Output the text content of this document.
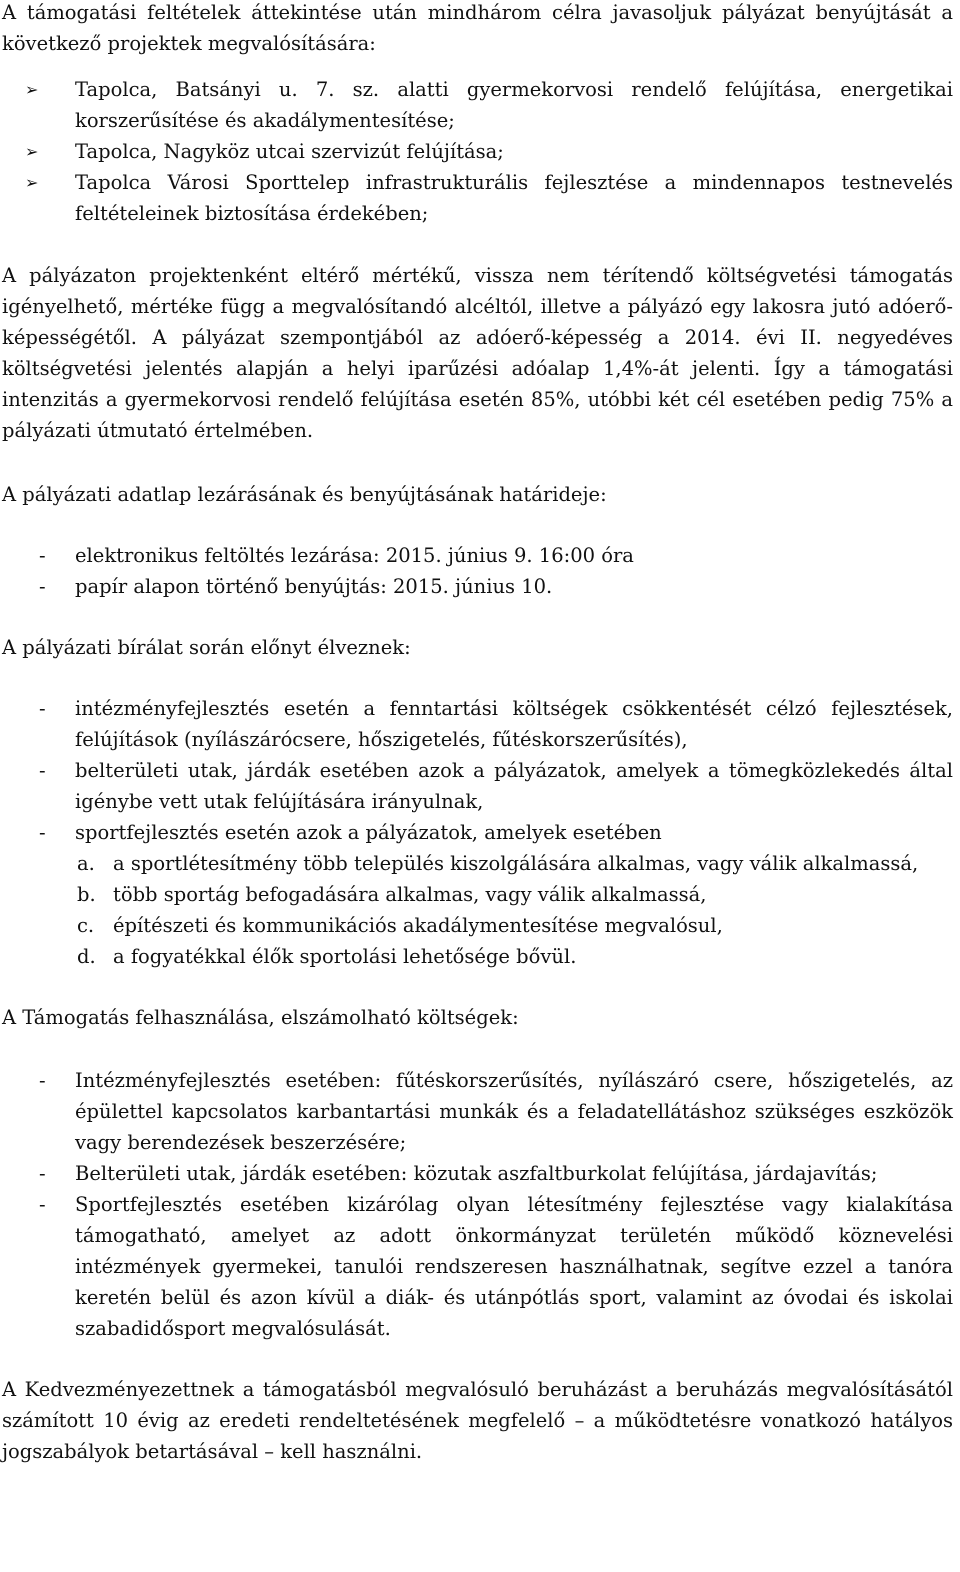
A támogatási feltételek áttekintése után mindhárom célra javasoljuk pályázat benyújtását a következő projektek megvalósítására:

➢	Tapolca, Batsányi u. 7. sz. alatti gyermekorvosi rendelő felújítása, energetikai korszerűsítése és akadálymentesítése;
➢	Tapolca, Nagyköz utcai szervizút felújítása;
➢	Tapolca Városi Sporttelep infrastrukturális fejlesztése a mindennapos testnevelés feltételeinek biztosítása érdekében;

A pályázaton projektenként eltérő mértékű, vissza nem térítendő költségvetési támogatás igényelhető, mértéke függ a megvalósítandó alcéltól, illetve a pályázó egy lakosra jutó adóerő-képességétől. A pályázat szempontjából az adóerő-képesség a 2014. évi II. negyedéves költségvetési jelentés alapján a helyi iparűzési adóalap 1,4%-át jelenti. Így a támogatási intenzitás a gyermekorvosi rendelő felújítása esetén 85%, utóbbi két cél esetében pedig 75% a pályázati útmutató értelmében.

A pályázati adatlap lezárásának és benyújtásának határideje:

-	elektronikus feltöltés lezárása: 2015. június 9. 16:00 óra
-	papír alapon történő benyújtás: 2015. június 10.

A pályázati bírálat során előnyt élveznek:

-	intézményfejlesztés esetén a fenntartási költségek csökkentését célzó fejlesztések, felújítások (nyílászárócsere, hőszigetelés, fűtéskorszerűsítés),
-	belterületi utak, járdák esetében azok a pályázatok, amelyek a tömegközlekedés által igénybe vett utak felújítására irányulnak,
-	sportfejlesztés esetén azok a pályázatok, amelyek esetében
a. a sportlétesítmény több település kiszolgálására alkalmas, vagy válik alkalmassá,
b. több sportág befogadására alkalmas, vagy válik alkalmassá,
c. építészeti és kommunikációs akadálymentesítése megvalósul,
d. a fogyatékkal élők sportolási lehetősége bővül.

A Támogatás felhasználása, elszámolható költségek:

-	Intézményfejlesztés esetében: fűtéskorszerűsítés, nyílászáró csere, hőszigetelés, az épülettel kapcsolatos karbantartási munkák és a feladatellátáshoz szükséges eszközök vagy berendezések beszerzésére;
-	Belterületi utak, járdák esetében: közutak aszfaltburkolat felújítása, járdajavítás;
-	Sportfejlesztés esetében kizárólag olyan létesítmény fejlesztése vagy kialakítása támogatható, amelyet az adott önkormányzat területén működő köznevelési intézmények gyermekei, tanulói rendszeresen használhatnak, segítve ezzel a tanóra keretén belül és azon kívül a diák- és utánpótlás sport, valamint az óvodai és iskolai szabadidősport megvalósulását.

A Kedvezményezettnek a támogatásból megvalósuló beruházást a beruházás megvalósításától számított 10 évig az eredeti rendeltetésének megfelelő – a működtetésre vonatkozó hatályos jogszabályok betartásával – kell használni.
